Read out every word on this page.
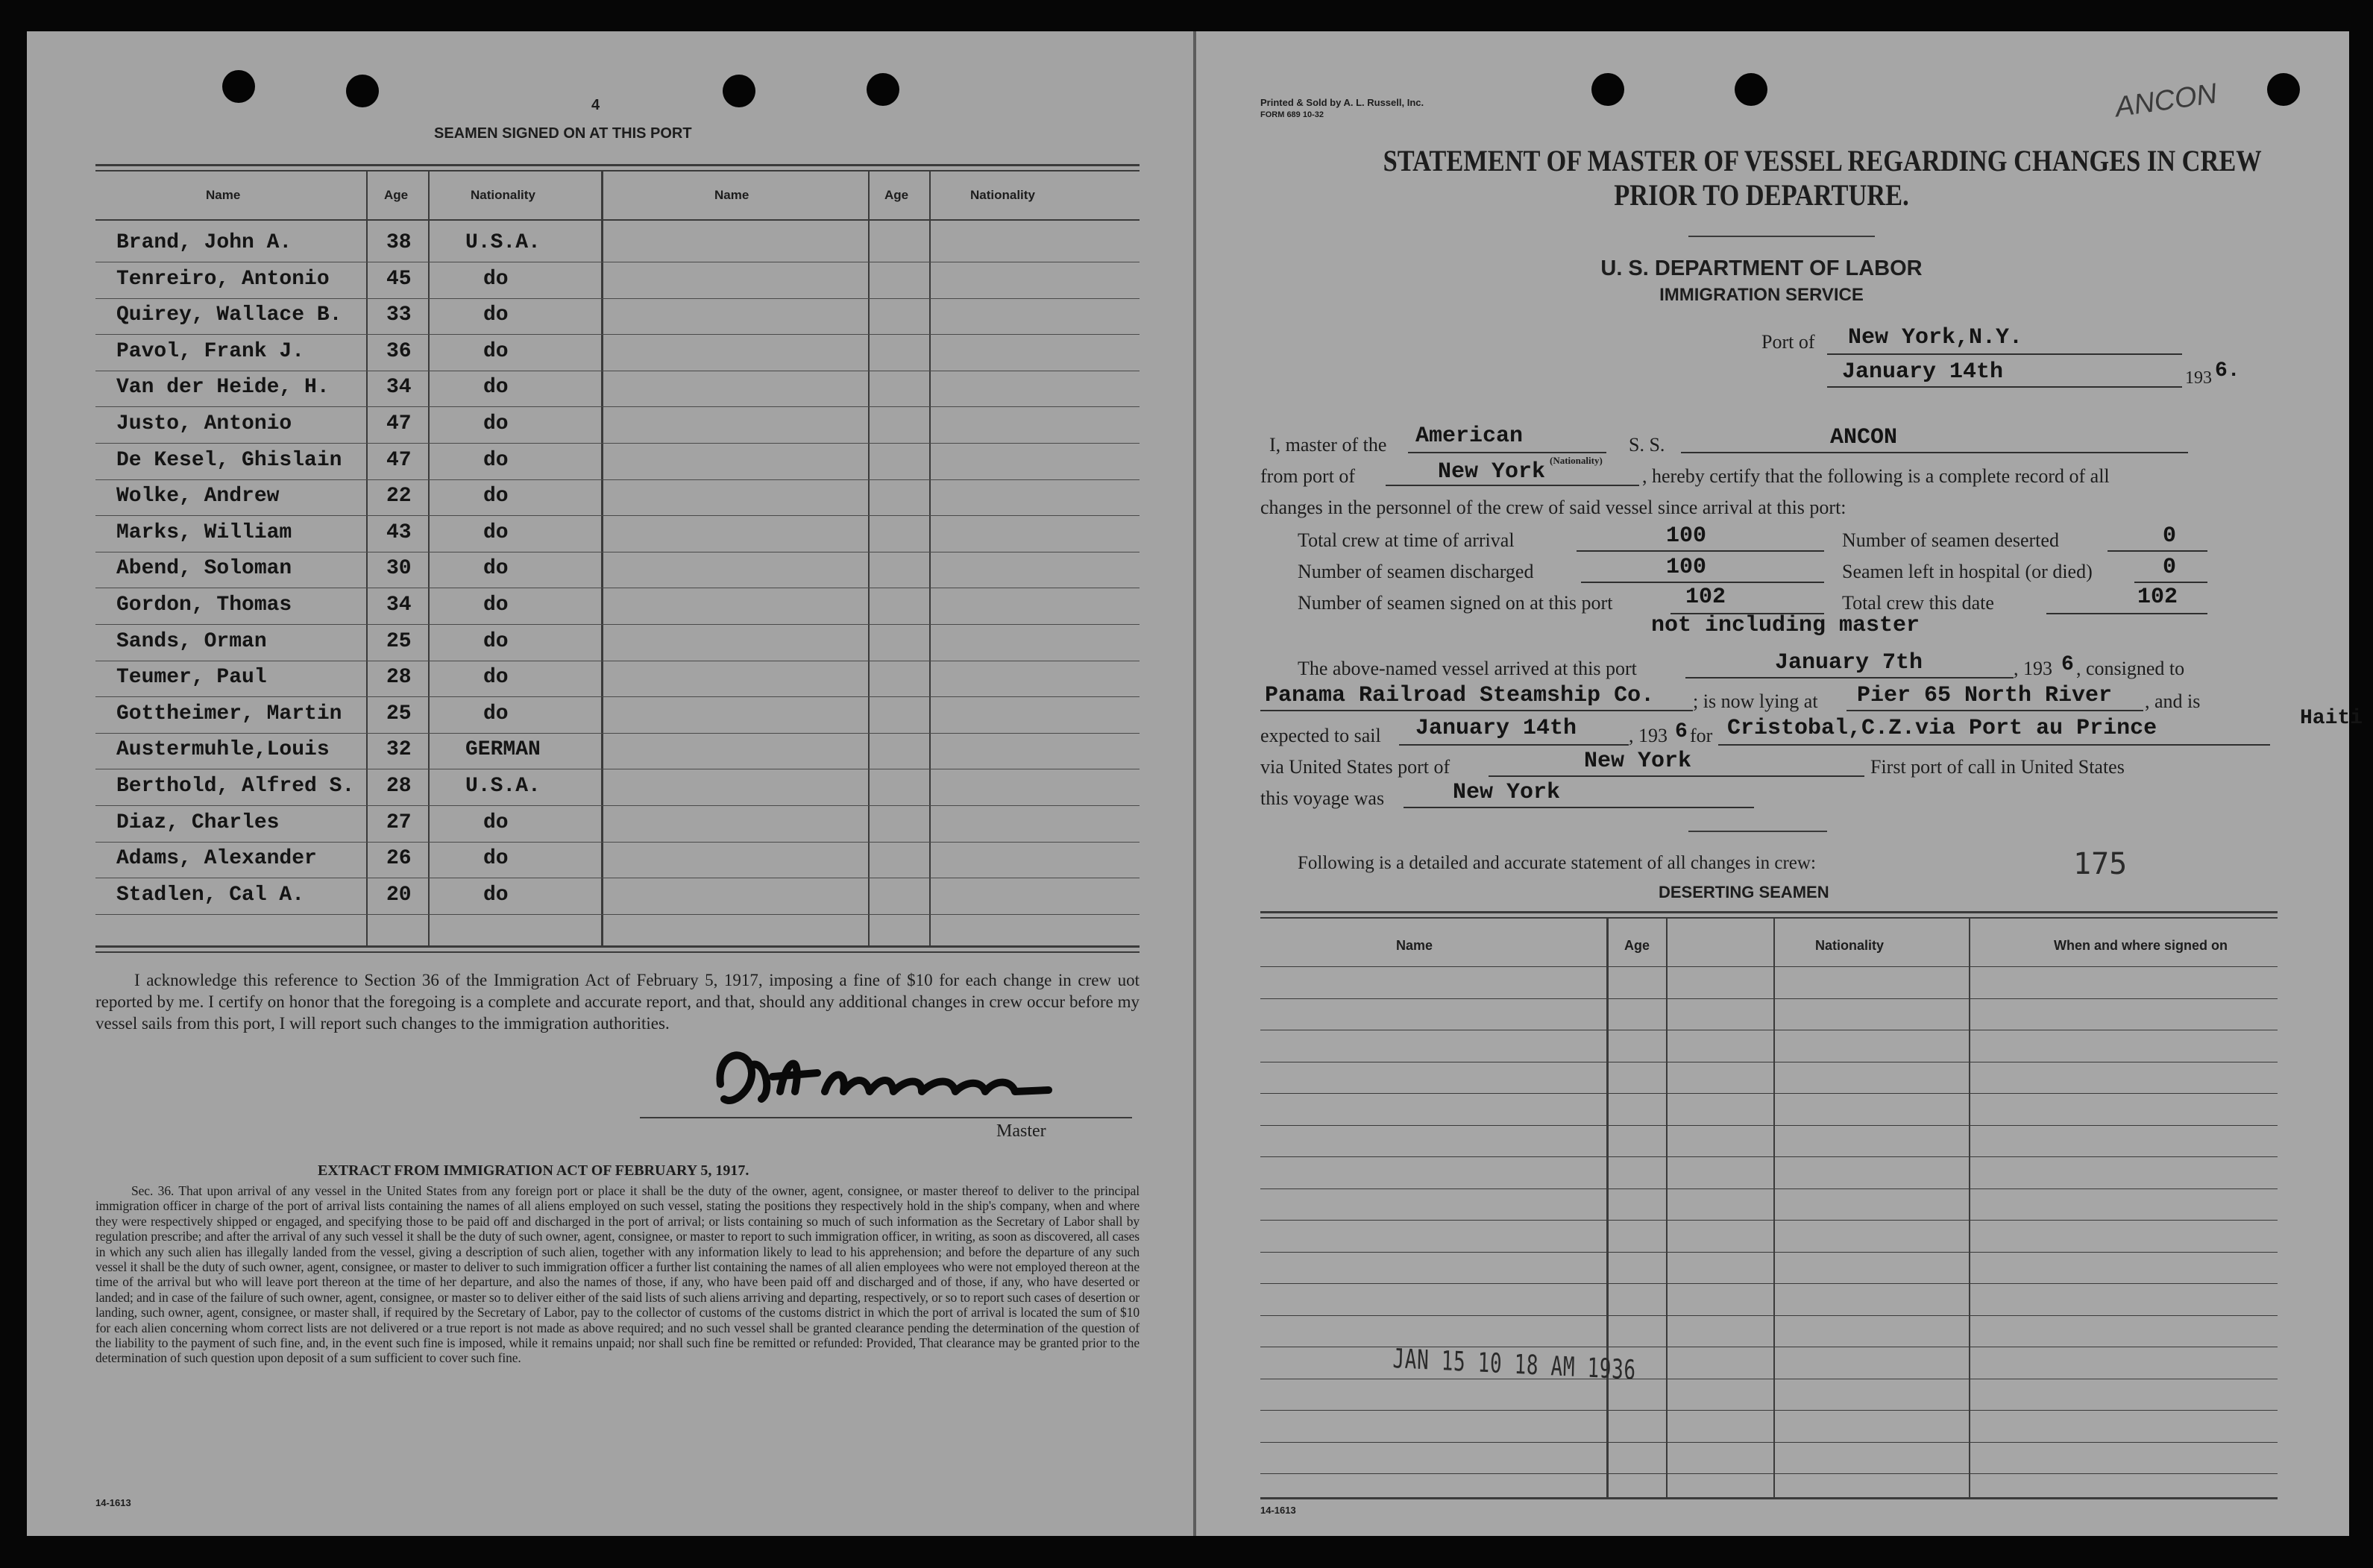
4
SEAMEN SIGNED ON AT THIS PORT
Name	Age	Nationality	Name	Age	Nationality
Brand, John A.	38	U.S.A.
Tenreiro, Antonio	45	do
Quirey, Wallace B. 33	do
Pavol, Frank J.	36	do
Van der Heide, H.	34	do
Justo, Antonio	47	do
De Kesel, Ghislain 47	do
Wolke, Andrew	22	do
Marks, William	43	do
Abend, Soloman	30	do
Gordon, Thomas	34	do
Sands, Orman	25	do
Teumer, Paul	28	do
Gottheimer, Martin 25	do
Austermuhle,Louis	32	GERMAN
Berthold, Alfred S. 28	U.S.A.
Diaz, Charles	27	do
Adams, Alexander	26	do
Stadlen, Cal A.	20	do
I acknowledge this reference to Section 36 of the Immigration Act of February 5, 1917, imposing a fine of $10 for each change in crew uot reported by me. I certify on honor that the foregoing is a complete and accurate report, and that, should any additional changes in crew occur before my vessel sails from this port, I will report such changes to the immigration authorities.
Master
EXTRACT FROM IMMIGRATION ACT OF FEBRUARY 5, 1917.
Sec. 36. That upon arrival of any vessel in the United States from any foreign port or place it shall be the duty of the owner, agent, consignee, or master thereof to deliver to the principal immigration officer in charge of the port of arrival lists containing the names of all aliens employed on such vessel, stating the positions they respectively hold in the ship's company, when and where they were respectively shipped or engaged, and specifying those to be paid off and discharged in the port of arrival; or lists containing so much of such information as the Secretary of Labor shall by regulation prescribe; and after the arrival of any such vessel it shall be the duty of such owner, agent, consignee, or master to report to such immigration officer, in writing, as soon as discovered, all cases in which any such alien has illegally landed from the vessel, giving a description of such alien, together with any information likely to lead to his apprehension; and before the departure of any such vessel it shall be the duty of such owner, agent, consignee, or master to deliver to such immigration officer a further list containing the names of all alien employees who were not employed thereon at the time of the arrival but who will leave port thereon at the time of her departure, and also the names of those, if any, who have been paid off and discharged and of those, if any, who have deserted or landed; and in case of the failure of such owner, agent, consignee, or master so to deliver either of the said lists of such aliens arriving and departing, respectively, or so to report such cases of desertion or landing, such owner, agent, consignee, or master shall, if required by the Secretary of Labor, pay to the collector of customs of the customs district in which the port of arrival is located the sum of $10 for each alien concerning whom correct lists are not delivered or a true report is not made as above required; and no such vessel shall be granted clearance pending the determination of the question of the liability to the payment of such fine, and, in the event such fine is imposed, while it remains unpaid; nor shall such fine be remitted or refunded: Provided, That clearance may be granted prior to the determination of such question upon deposit of a sum sufficient to cover such fine.
14-1613
Printed & Sold by A. L. Russell, Inc.
FORM 689 10-32	ANCON
STATEMENT OF MASTER OF VESSEL REGARDING CHANGES IN CREW
PRIOR TO DEPARTURE.
U. S. DEPARTMENT OF LABOR
IMMIGRATION SERVICE
Port of New York,N.Y.
January 14th	193 6.
I, master of the American	S. S.	ANCON
from port of	New York (Nationality)
, hereby certify that the following is a complete record of all
changes in the personnel of the crew of said vessel since arrival at this port:
Total crew at time of arrival	100	Number of seamen deserted	0
Number of seamen discharged	100	Seamen left in hospital (or died)	0
Number of seamen signed on at this port	102	Total crew this date	102
not including master
The above-named vessel arrived at this port	January 7th	, 193 6 , consigned to
Panama Railroad Steamship Co. ; is now lying at Pier 65 North River , and is
expected to sail January 14th	, 193 6 for Cristobal,C.Z.via Port au Prince	Haiti
via United States port of	New York	First port of call in United States
this voyage was	New York
Following is a detailed and accurate statement of all changes in crew:	175
DESERTING SEAMEN
Name	Age	Nationality	When and where signed on
JAN 15 10 18 AM 1936
14-1613
